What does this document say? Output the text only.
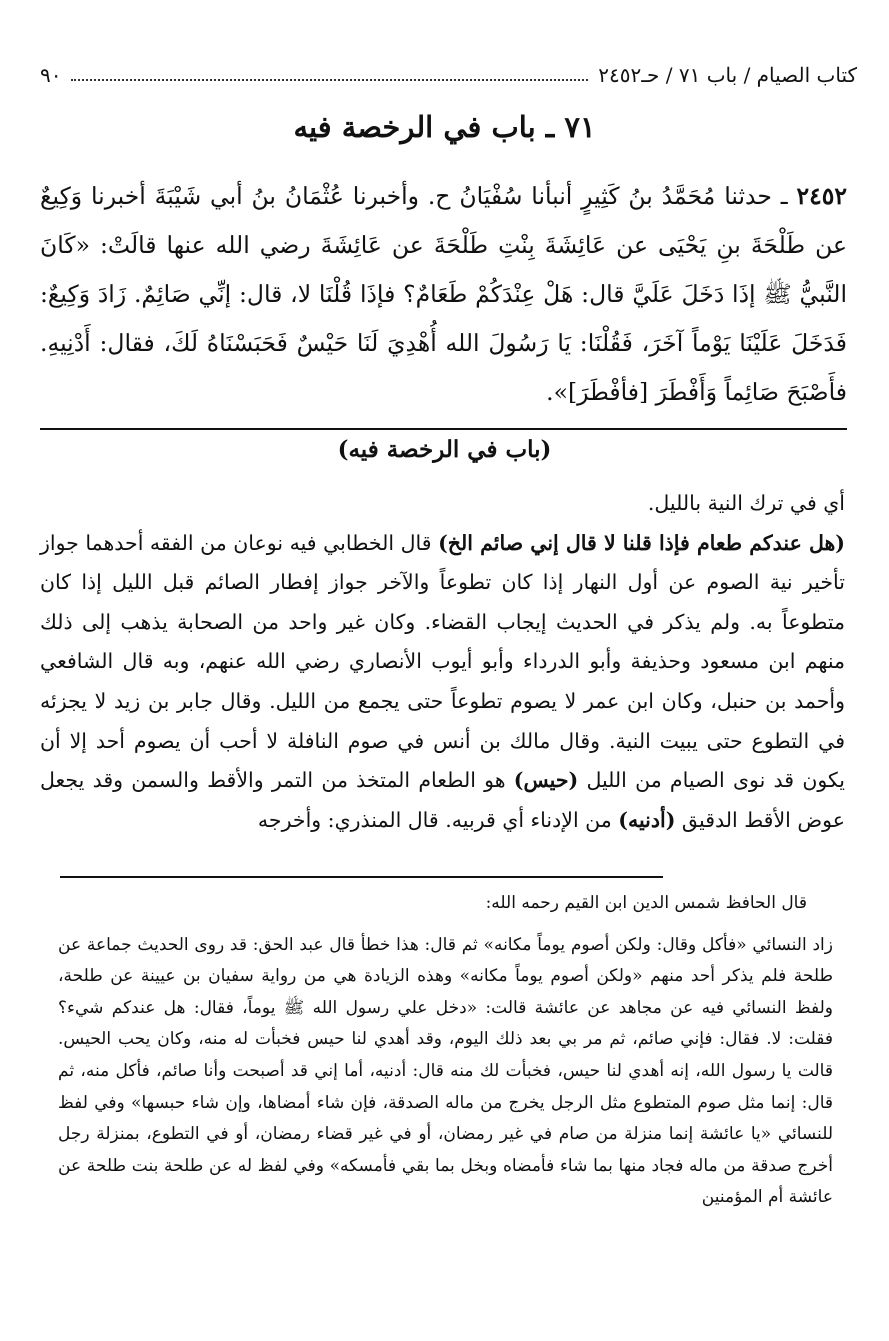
كتاب الصيام / باب ٧١ / حـ٢٤٥٢
٩٠
٧١ ـ باب في الرخصة فيه

٢٤٥٢ ـ حدثنا مُحَمَّدُ بنُ كَثِيرٍ أنبأنا سُفْيَانُ ح. وأخبرنا عُثْمَانُ بنُ أبي شَيْبَةَ أخبرنا وَكِيعٌ عن طَلْحَةَ بنِ يَحْيَى عن عَائِشَةَ بِنْتِ طَلْحَةَ عن عَائِشَةَ رضي الله عنها قالَتْ: «كَانَ النَّبيُّ ﷺ إذَا دَخَلَ عَلَيَّ قال: هَلْ عِنْدَكُمْ طَعَامٌ؟ فإذَا قُلْنَا لا، قال: إنِّي صَائِمٌ. زَادَ وَكِيعٌ: فَدَخَلَ عَلَيْنَا يَوْماً آخَرَ، فَقُلْنَا: يَا رَسُولَ الله أُهْدِيَ لَنَا حَيْسٌ فَحَبَسْنَاهُ لَكَ، فقال: أَدْنِيهِ. فأَصْبَحَ صَائِماً وَأَفْطَرَ [فأفْطَرَ]».

(باب في الرخصة فيه)

أي في ترك النية بالليل.

(هل عندكم طعام فإذا قلنا لا قال إني صائم الخ) قال الخطابي فيه نوعان من الفقه أحدهما جواز تأخير نية الصوم عن أول النهار إذا كان تطوعاً والآخر جواز إفطار الصائم قبل الليل إذا كان متطوعاً به. ولم يذكر في الحديث إيجاب القضاء. وكان غير واحد من الصحابة يذهب إلى ذلك منهم ابن مسعود وحذيفة وأبو الدرداء وأبو أيوب الأنصاري رضي الله عنهم، وبه قال الشافعي وأحمد بن حنبل، وكان ابن عمر لا يصوم تطوعاً حتى يجمع من الليل. وقال جابر بن زيد لا يجزئه في التطوع حتى يبيت النية. وقال مالك بن أنس في صوم النافلة لا أحب أن يصوم أحد إلا أن يكون قد نوى الصيام من الليل (حيس) هو الطعام المتخذ من التمر والأقط والسمن وقد يجعل عوض الأقط الدقيق (أدنيه) من الإدناء أي قربيه. قال المنذري: وأخرجه

قال الحافظ شمس الدين ابن القيم رحمه الله:

زاد النسائي «فأكل وقال: ولكن أصوم يوماً مكانه» ثم قال: هذا خطأ قال عبد الحق: قد روى الحديث جماعة عن طلحة فلم يذكر أحد منهم «ولكن أصوم يوماً مكانه» وهذه الزيادة هي من رواية سفيان بن عيينة عن طلحة، ولفظ النسائي فيه عن مجاهد عن عائشة قالت: «دخل علي رسول الله ﷺ يوماً، فقال: هل عندكم شيء؟ فقلت: لا. فقال: فإني صائم، ثم مر بي بعد ذلك اليوم، وقد أهدي لنا حيس فخبأت له منه، وكان يحب الحيس. قالت يا رسول الله، إنه أهدي لنا حيس، فخبأت لك منه قال: أدنيه، أما إني قد أصبحت وأنا صائم، فأكل منه، ثم قال: إنما مثل صوم المتطوع مثل الرجل يخرج من ماله الصدقة، فإن شاء أمضاها، وإن شاء حبسها» وفي لفظ للنسائي «يا عائشة إنما منزلة من صام في غير رمضان، أو في غير قضاء رمضان، أو في التطوع، بمنزلة رجل أخرج صدقة من ماله فجاد منها بما شاء فأمضاه وبخل بما بقي فأمسكه» وفي لفظ له عن طلحة بنت طلحة عن عائشة أم المؤمنين
